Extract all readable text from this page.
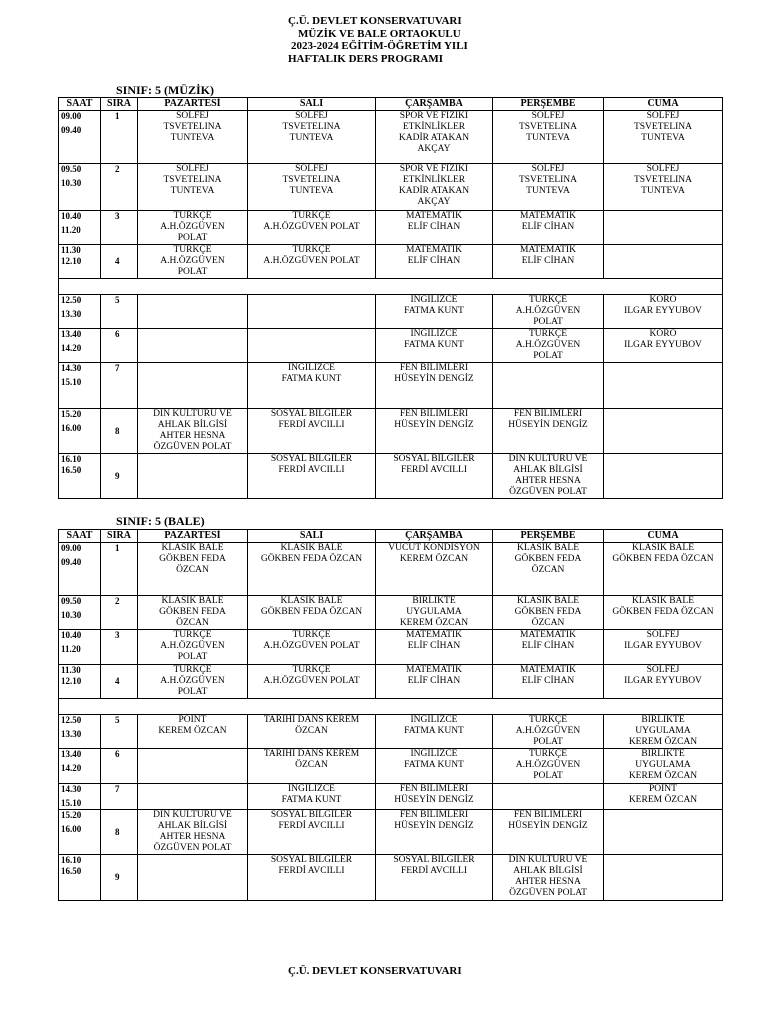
Ç.Ü. DEVLET KONSERVATUVARI
MÜZİK VE BALE ORTAOKULU
2023-2024 EĞİTİM-ÖĞRETİM YILI
HAFTALIK DERS PROGRAMI
SINIF: 5 (MÜZİK)
SAAT	SIRA	PAZARTESİ	SALI	ÇARŞAMBA	PERŞEMBE	CUMA

09.00
09.40	1	SOLFEJ
TSVETELINA
TUNTEVA	SOLFEJ
TSVETELINA
TUNTEVA	SPOR VE FİZİKİ
ETKİNLİKLER
KADİR ATAKAN
AKÇAY	SOLFEJ
TSVETELINA
TUNTEVA	SOLFEJ
TSVETELINA
TUNTEVA

09.50
10.30	2	SOLFEJ
TSVETELINA
TUNTEVA	SOLFEJ
TSVETELINA
TUNTEVA	SPOR VE FİZİKİ
ETKİNLİKLER
KADİR ATAKAN
AKÇAY	SOLFEJ
TSVETELINA
TUNTEVA	SOLFEJ
TSVETELINA
TUNTEVA

10.40
11.20	3	TÜRKÇE
A.H.ÖZGÜVEN
POLAT	TÜRKÇE
A.H.ÖZGÜVEN POLAT	MATEMATİK
ELİF CİHAN	MATEMATİK
ELİF CİHAN	

11.30
12.10	4	TÜRKÇE
A.H.ÖZGÜVEN
POLAT	TÜRKÇE
A.H.ÖZGÜVEN POLAT	MATEMATİK
ELİF CİHAN	MATEMATİK
ELİF CİHAN	

12.50
13.30	5			İNGİLİZCE
FATMA KUNT	TÜRKÇE
A.H.ÖZGÜVEN
POLAT	KORO
ILGAR EYYUBOV

13.40
14.20	6			İNGİLİZCE
FATMA KUNT	TÜRKÇE
A.H.ÖZGÜVEN
POLAT	KORO
ILGAR EYYUBOV

14.30
15.10	7		İNGİLİZCE
FATMA KUNT	FEN BİLİMLERİ
HÜSEYİN DENGİZ		

15.20
16.00	8	DİN KÜLTÜRÜ VE
AHLAK BİLGİSİ
AHTER HESNA
ÖZGÜVEN POLAT	SOSYAL BİLGİLER
FERDİ AVCILLI	FEN BİLİMLERİ
HÜSEYİN DENGİZ	FEN BİLİMLERİ
HÜSEYİN DENGİZ	

16.10
16.50	9		SOSYAL BİLGİLER
FERDİ AVCILLI	SOSYAL BİLGİLER
FERDİ AVCILLI	DİN KÜLTÜRÜ VE
AHLAK BİLGİSİ
AHTER HESNA
ÖZGÜVEN POLAT	
SINIF: 5 (BALE)
SAAT	SIRA	PAZARTESİ	SALI	ÇARŞAMBA	PERŞEMBE	CUMA

09.00
09.40	1	KLASİK BALE
GÖKBEN FEDA
ÖZCAN	KLASİK BALE
GÖKBEN FEDA ÖZCAN	VÜCUT KONDİSYON
KEREM ÖZCAN	KLASİK BALE
GÖKBEN FEDA
ÖZCAN	KLASİK BALE
GÖKBEN FEDA ÖZCAN

09.50
10.30	2	KLASİK BALE
GÖKBEN FEDA
ÖZCAN	KLASİK BALE
GÖKBEN FEDA ÖZCAN	BİRLİKTE
UYGULAMA
KEREM ÖZCAN	KLASİK BALE
GÖKBEN FEDA
ÖZCAN	KLASİK BALE
GÖKBEN FEDA ÖZCAN

10.40
11.20	3	TÜRKÇE
A.H.ÖZGÜVEN
POLAT	TÜRKÇE
A.H.ÖZGÜVEN POLAT	MATEMATİK
ELİF CİHAN	MATEMATİK
ELİF CİHAN	SOLFEJ
ILGAR EYYUBOV

11.30
12.10	4	TÜRKÇE
A.H.ÖZGÜVEN
POLAT	TÜRKÇE
A.H.ÖZGÜVEN POLAT	MATEMATİK
ELİF CİHAN	MATEMATİK
ELİF CİHAN	SOLFEJ
ILGAR EYYUBOV

12.50
13.30	5	POİNT
KEREM ÖZCAN	TARİHİ DANS KEREM
ÖZCAN	İNGİLİZCE
FATMA KUNT	TÜRKÇE
A.H.ÖZGÜVEN
POLAT	BİRLİKTE
UYGULAMA
KEREM ÖZCAN

13.40
14.20	6		TARİHİ DANS KEREM
ÖZCAN	İNGİLİZCE
FATMA KUNT	TÜRKÇE
A.H.ÖZGÜVEN
POLAT	BİRLİKTE
UYGULAMA
KEREM ÖZCAN

14.30
15.10	7		İNGİLİZCE
FATMA KUNT	FEN BİLİMLERİ
HÜSEYİN DENGİZ		POİNT
KEREM ÖZCAN

15.20
16.00	8	DİN KÜLTÜRÜ VE
AHLAK BİLGİSİ
AHTER HESNA
ÖZGÜVEN POLAT	SOSYAL BİLGİLER
FERDİ AVCILLI	FEN BİLİMLERİ
HÜSEYİN DENGİZ	FEN BİLİMLERİ
HÜSEYİN DENGİZ	

16.10
16.50	9		SOSYAL BİLGİLER
FERDİ AVCILLI	SOSYAL BİLGİLER
FERDİ AVCILLI	DİN KÜLTÜRÜ VE
AHLAK BİLGİSİ
AHTER HESNA
ÖZGÜVEN POLAT	
Ç.Ü. DEVLET KONSERVATUVARI
